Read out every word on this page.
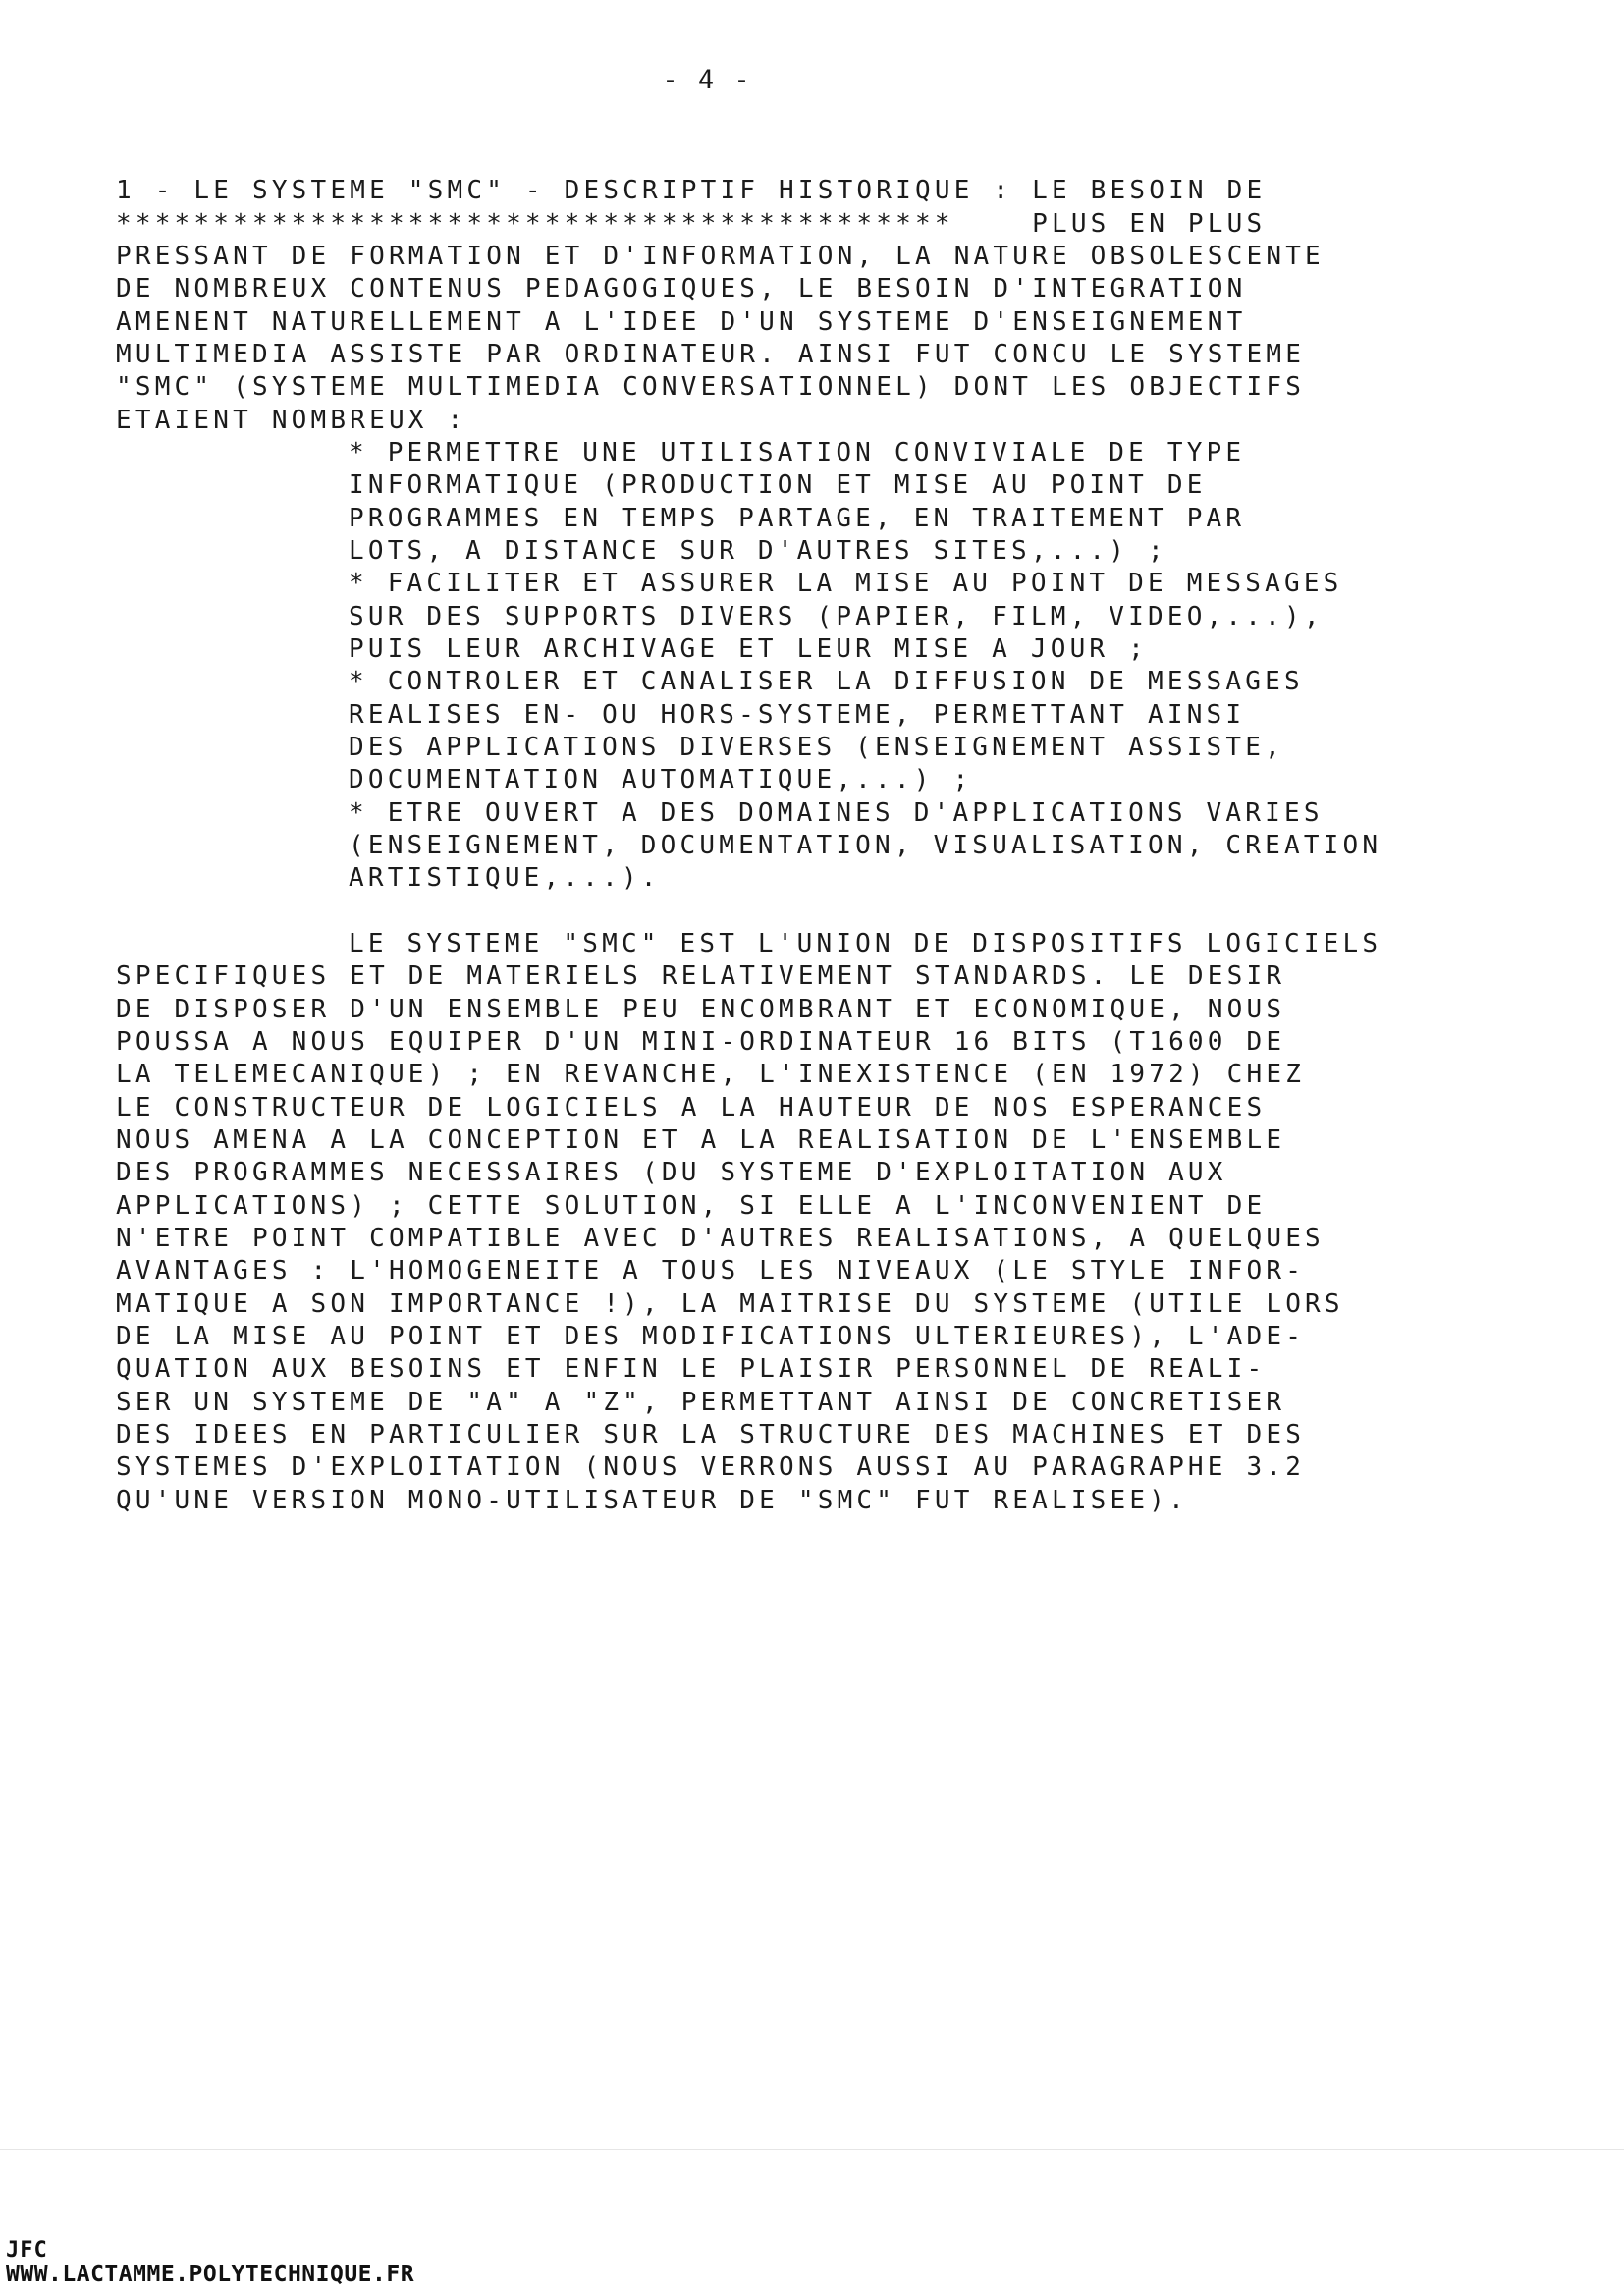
- 4 -
1 - LE SYSTEME "SMC" - DESCRIPTIF HISTORIQUE : LE BESOIN DE
*******************************************    PLUS EN PLUS
PRESSANT DE FORMATION ET D'INFORMATION, LA NATURE OBSOLESCENTE
DE NOMBREUX CONTENUS PEDAGOGIQUES, LE BESOIN D'INTEGRATION
AMENENT NATURELLEMENT A L'IDEE D'UN SYSTEME D'ENSEIGNEMENT
MULTIMEDIA ASSISTE PAR ORDINATEUR. AINSI FUT CONCU LE SYSTEME
"SMC" (SYSTEME MULTIMEDIA CONVERSATIONNEL) DONT LES OBJECTIFS
ETAIENT NOMBREUX :
* PERMETTRE UNE UTILISATION CONVIVIALE DE TYPE
INFORMATIQUE (PRODUCTION ET MISE AU POINT DE
PROGRAMMES EN TEMPS PARTAGE, EN TRAITEMENT PAR
LOTS, A DISTANCE SUR D'AUTRES SITES,...) ;
* FACILITER ET ASSURER LA MISE AU POINT DE MESSAGES
SUR DES SUPPORTS DIVERS (PAPIER, FILM, VIDEO,...),
PUIS LEUR ARCHIVAGE ET LEUR MISE A JOUR ;
* CONTROLER ET CANALISER LA DIFFUSION DE MESSAGES
REALISES EN- OU HORS-SYSTEME, PERMETTANT AINSI
DES APPLICATIONS DIVERSES (ENSEIGNEMENT ASSISTE,
DOCUMENTATION AUTOMATIQUE,...) ;
* ETRE OUVERT A DES DOMAINES D'APPLICATIONS VARIES
(ENSEIGNEMENT, DOCUMENTATION, VISUALISATION, CREATION
ARTISTIQUE,...).
LE SYSTEME "SMC" EST L'UNION DE DISPOSITIFS LOGICIELS
SPECIFIQUES ET DE MATERIELS RELATIVEMENT STANDARDS. LE DESIR
DE DISPOSER D'UN ENSEMBLE PEU ENCOMBRANT ET ECONOMIQUE, NOUS
POUSSA A NOUS EQUIPER D'UN MINI-ORDINATEUR 16 BITS (T1600 DE
LA TELEMECANIQUE) ; EN REVANCHE, L'INEXISTENCE (EN 1972) CHEZ
LE CONSTRUCTEUR DE LOGICIELS A LA HAUTEUR DE NOS ESPERANCES
NOUS AMENA A LA CONCEPTION ET A LA REALISATION DE L'ENSEMBLE
DES PROGRAMMES NECESSAIRES (DU SYSTEME D'EXPLOITATION AUX
APPLICATIONS) ; CETTE SOLUTION, SI ELLE A L'INCONVENIENT DE
N'ETRE POINT COMPATIBLE AVEC D'AUTRES REALISATIONS, A QUELQUES
AVANTAGES : L'HOMOGENEITE A TOUS LES NIVEAUX (LE STYLE INFOR-
MATIQUE A SON IMPORTANCE !), LA MAITRISE DU SYSTEME (UTILE LORS
DE LA MISE AU POINT ET DES MODIFICATIONS ULTERIEURES), L'ADE-
QUATION AUX BESOINS ET ENFIN LE PLAISIR PERSONNEL DE REALI-
SER UN SYSTEME DE "A" A "Z", PERMETTANT AINSI DE CONCRETISER
DES IDEES EN PARTICULIER SUR LA STRUCTURE DES MACHINES ET DES
SYSTEMES D'EXPLOITATION (NOUS VERRONS AUSSI AU PARAGRAPHE 3.2
QU'UNE VERSION MONO-UTILISATEUR DE "SMC" FUT REALISEE).
JFC
WWW.LACTAMME.POLYTECHNIQUE.FR
